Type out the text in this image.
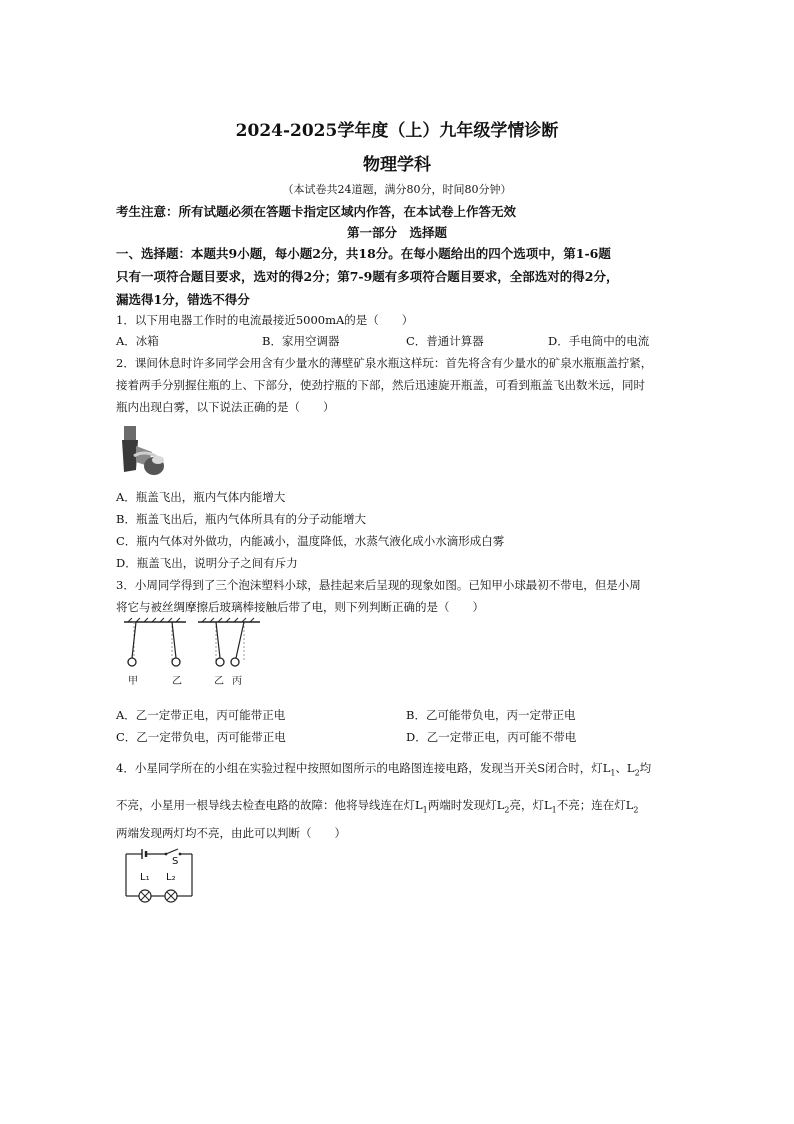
2024-2025学年度（上）九年级学情诊断
物理学科
（本试卷共24道题，满分80分，时间80分钟）
考生注意：所有试题必须在答题卡指定区域内作答，在本试卷上作答无效
第一部分　选择题
一、选择题：本题共9小题，每小题2分，共18分。在每小题给出的四个选项中，第1-6题
只有一项符合题目要求，选对的得2分；第7-9题有多项符合题目要求，全部选对的得2分，
漏选得1分，错选不得分
1．以下用电器工作时的电流最接近5000mA的是（　　）
A．冰箱	B．家用空调器	C．普通计算器	D．手电筒中的电流
2．课间休息时许多同学会用含有少量水的薄壁矿泉水瓶这样玩：首先将含有少量水的矿泉水瓶瓶盖拧紧，
接着两手分别握住瓶的上、下部分，使劲拧瓶的下部，然后迅速旋开瓶盖，可看到瓶盖飞出数米远，同时
瓶内出现白雾，以下说法正确的是（　　）
A．瓶盖飞出，瓶内气体内能增大
B．瓶盖飞出后，瓶内气体所具有的分子动能增大
C．瓶内气体对外做功，内能减小，温度降低，水蒸气液化成小水滴形成白雾
D．瓶盖飞出，说明分子之间有斥力
3．小周同学得到了三个泡沫塑料小球，悬挂起来后呈现的现象如图。已知甲小球最初不带电，但是小周
将它与被丝绸摩擦后玻璃棒接触后带了电，则下列判断正确的是（　　）
甲	乙	乙 丙
A．乙一定带正电，丙可能带正电	B．乙可能带负电，丙一定带正电
C．乙一定带负电，丙可能带正电	D．乙一定带正电，丙可能不带电
4．小星同学所在的小组在实验过程中按照如图所示的电路图连接电路，发现当开关S闭合时，灯$L_1$、$L_2$均
不亮，小星用一根导线去检查电路的故障：他将导线连在灯$L_1$两端时发现灯$L_2$亮，灯$L_1$不亮；连在灯$L_2$
两端发现两灯均不亮，由此可以判断（　　）
S
L₁ L₂
